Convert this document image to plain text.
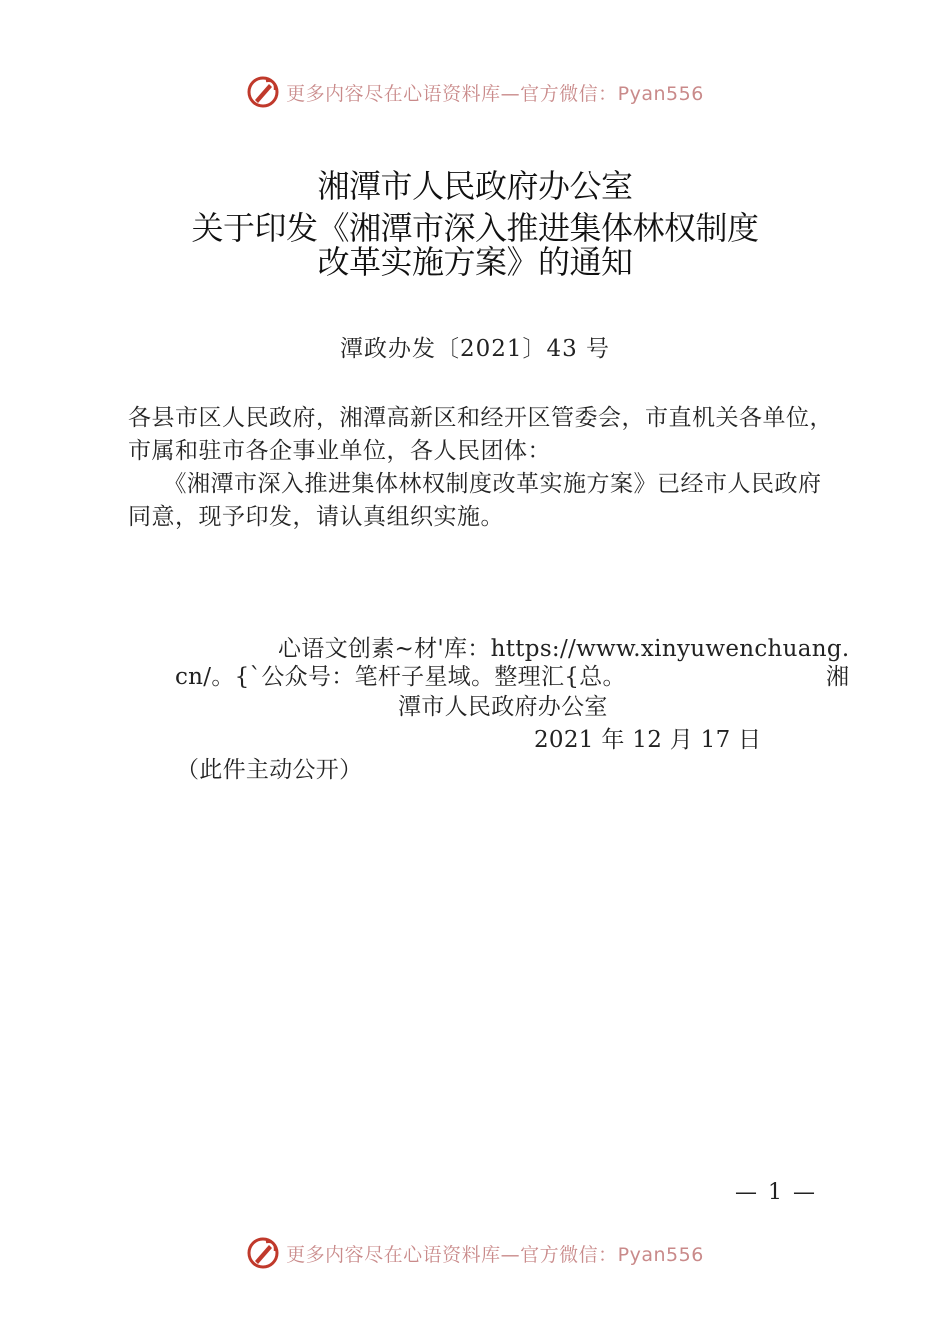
更多内容尽在心语资料库—官方微信：Pyan556
湘潭市人民政府办公室
关于印发《湘潭市深入推进集体林权制度
改革实施方案》的通知
潭政办发〔2021〕43 号
各县市区人民政府，湘潭高新区和经开区管委会，市直机关各单位，市属和驻市各企事业单位，各人民团体：
　　《湘潭市深入推进集体林权制度改革实施方案》已经市人民政府同意，现予印发，请认真组织实施。
心语文创素~材'库：https://www.xinyuwenchuang.
cn/。{`公众号：笔杆子星域。整理汇{总。	湘
潭市人民政府办公室
2021 年 12 月 17 日
（此件主动公开）
— 1 —
更多内容尽在心语资料库—官方微信：Pyan556
